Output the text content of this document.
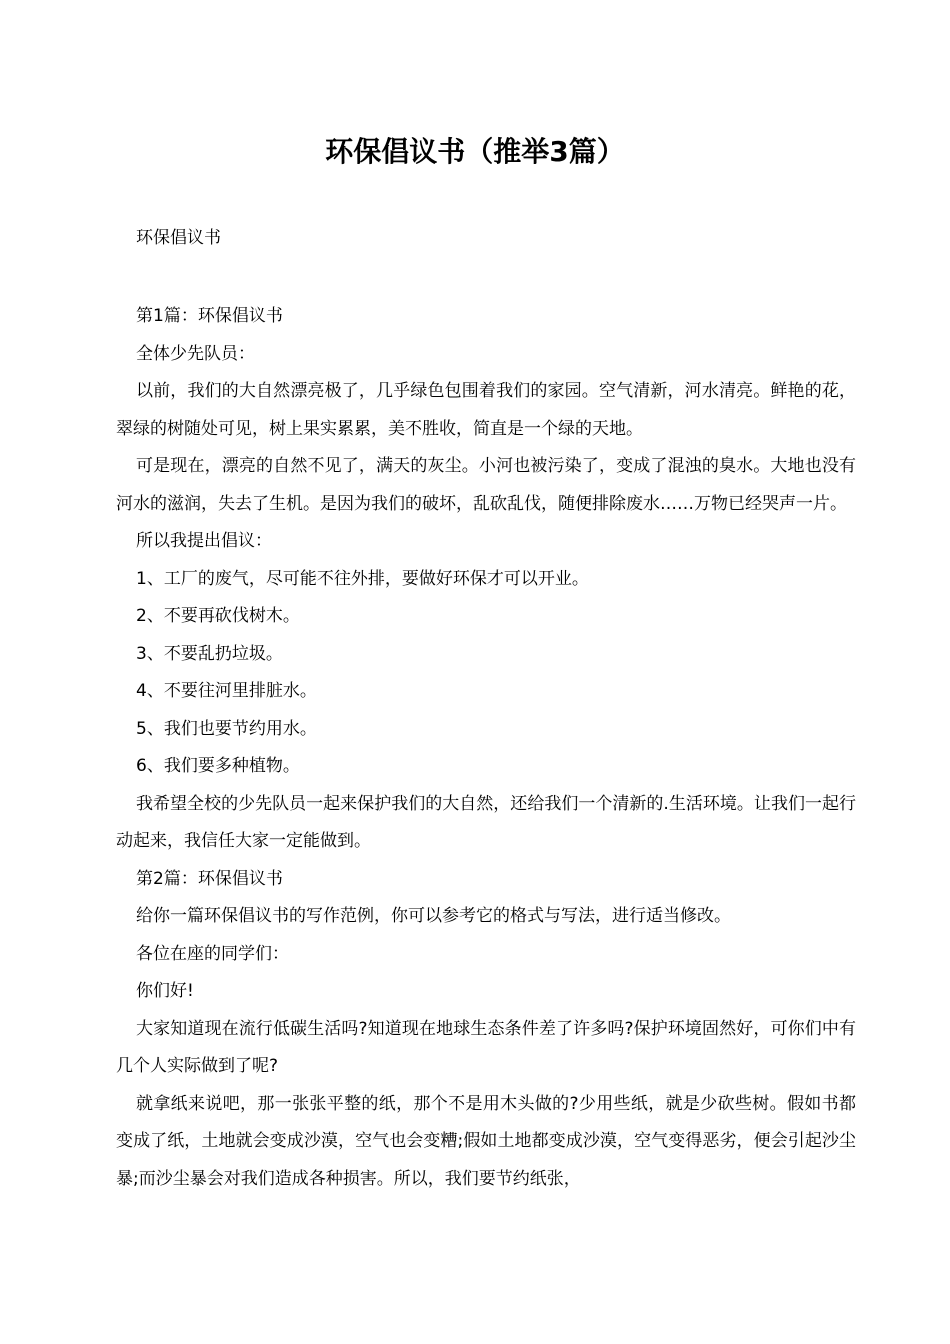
环保倡议书（推举3篇）
环保倡议书

第1篇：环保倡议书

全体少先队员：

以前，我们的大自然漂亮极了，几乎绿色包围着我们的家园。空气清新，河水清亮。鲜艳的花，翠绿的树随处可见，树上果实累累，美不胜收，简直是一个绿的天地。

可是现在，漂亮的自然不见了，满天的灰尘。小河也被污染了，变成了混浊的臭水。大地也没有河水的滋润，失去了生机。是因为我们的破坏，乱砍乱伐，随便排除废水……万物已经哭声一片。

所以我提出倡议：

1、工厂的废气，尽可能不往外排，要做好环保才可以开业。

2、不要再砍伐树木。

3、不要乱扔垃圾。

4、不要往河里排脏水。

5、我们也要节约用水。

6、我们要多种植物。

我希望全校的少先队员一起来保护我们的大自然，还给我们一个清新的.生活环境。让我们一起行动起来，我信任大家一定能做到。

第2篇：环保倡议书

给你一篇环保倡议书的写作范例，你可以参考它的格式与写法，进行适当修改。

各位在座的同学们：

你们好!

大家知道现在流行低碳生活吗?知道现在地球生态条件差了许多吗?保护环境固然好，可你们中有几个人实际做到了呢?

就拿纸来说吧，那一张张平整的纸，那个不是用木头做的?少用些纸，就是少砍些树。假如书都变成了纸，土地就会变成沙漠，空气也会变糟;假如土地都变成沙漠，空气变得恶劣，便会引起沙尘暴;而沙尘暴会对我们造成各种损害。所以，我们要节约纸张，
